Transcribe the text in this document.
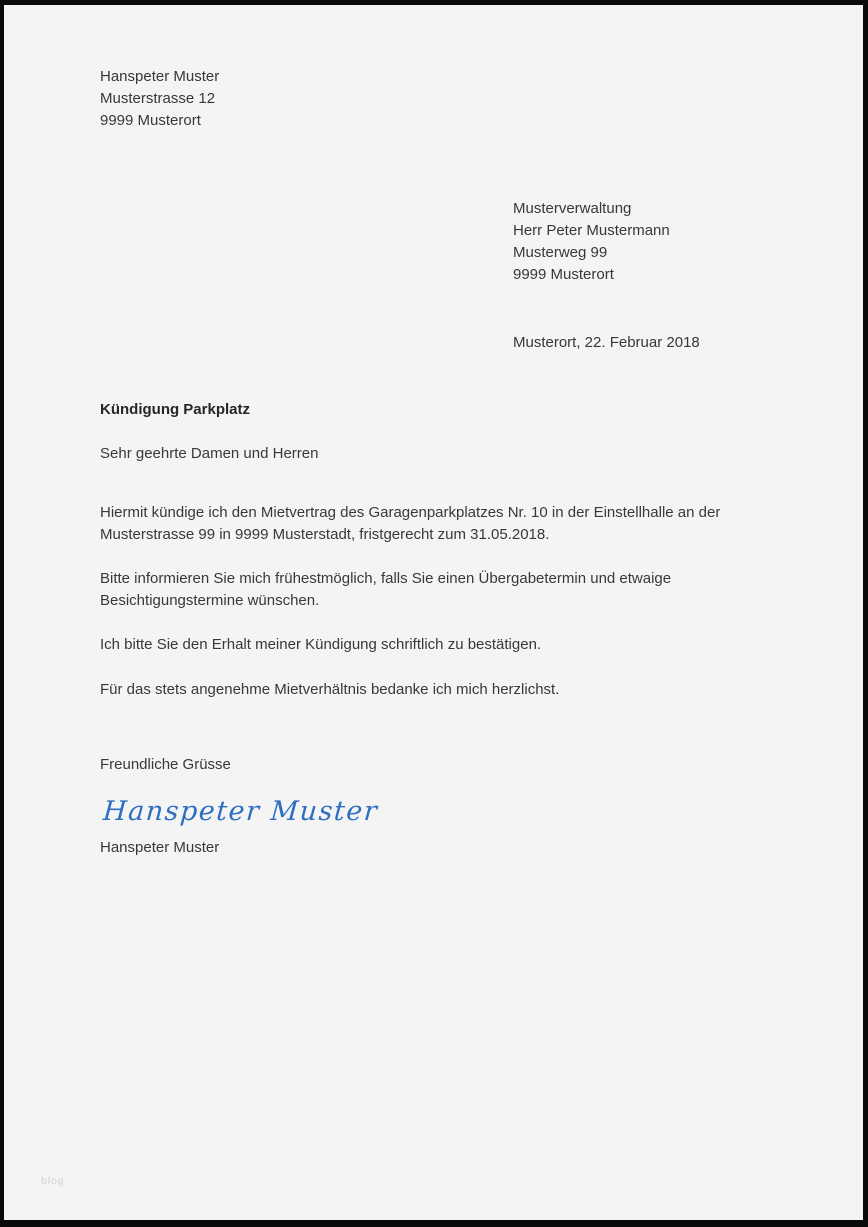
Hanspeter Muster
Musterstrasse 12
9999 Musterort
Musterverwaltung
Herr Peter Mustermann
Musterweg 99
9999 Musterort
Musterort, 22. Februar 2018
Kündigung Parkplatz
Sehr geehrte Damen und Herren

Hiermit kündige ich den Mietvertrag des Garagenparkplatzes Nr. 10 in der Einstellhalle an der Musterstrasse 99 in 9999 Musterstadt, fristgerecht zum 31.05.2018.

Bitte informieren Sie mich frühestmöglich, falls Sie einen Übergabetermin und etwaige Besichtigungstermine wünschen.

Ich bitte Sie den Erhalt meiner Kündigung schriftlich zu bestätigen.

Für das stets angenehme Mietverhältnis bedanke ich mich herzlichst.

Freundliche Grüsse
Hanspeter Muster
Hanspeter Muster
blog
